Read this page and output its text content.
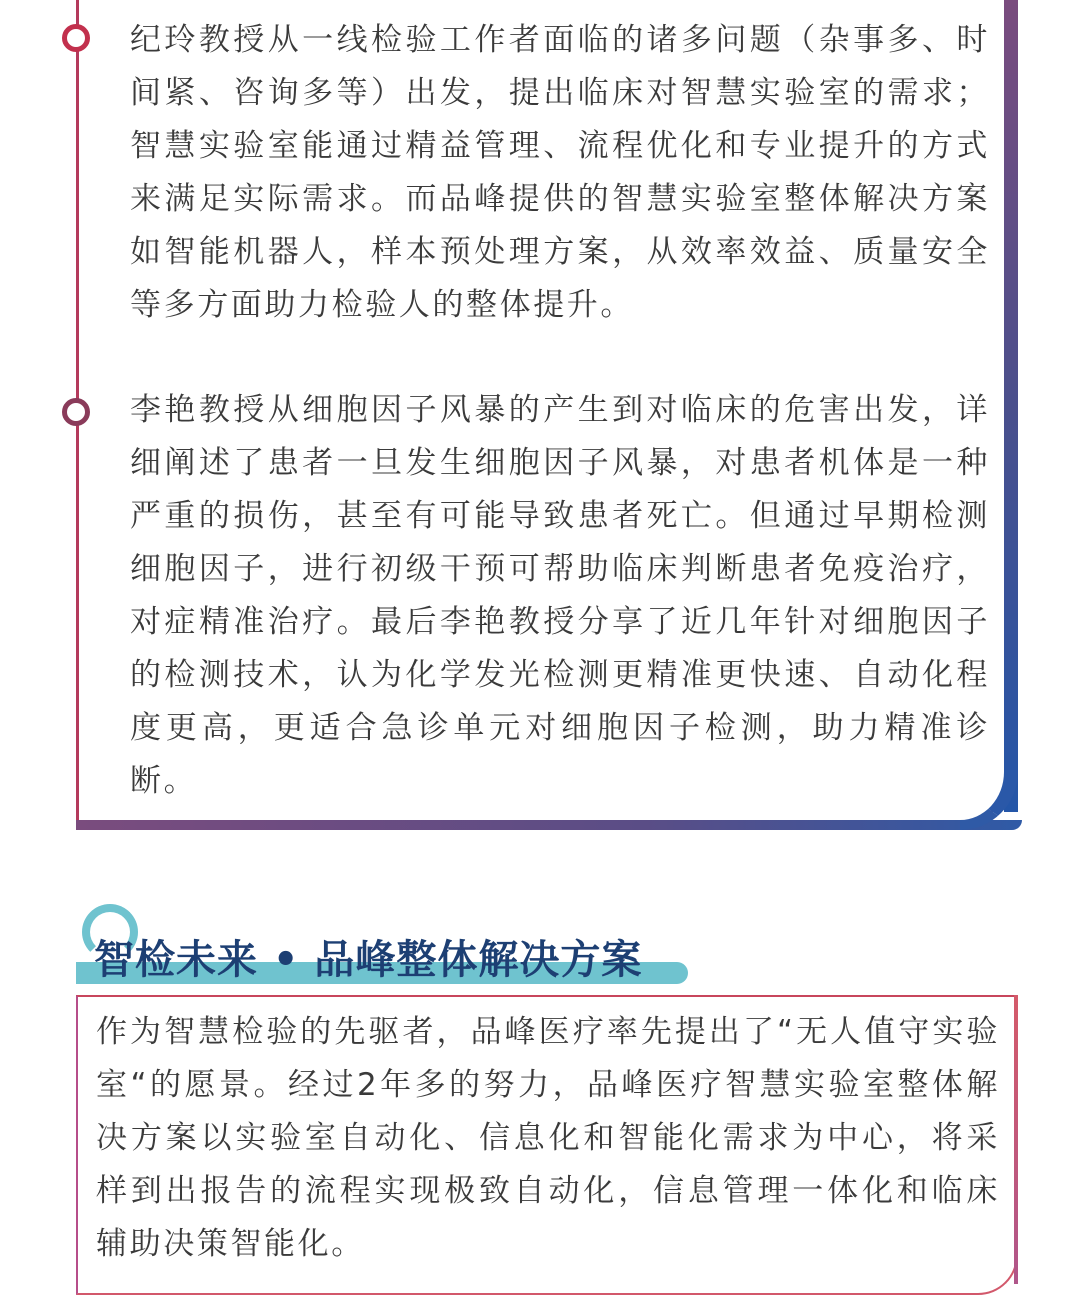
纪玲教授从一线检验工作者面临的诸多问题（杂事多、时间紧、咨询多等）出发，提出临床对智慧实验室的需求；智慧实验室能通过精益管理、流程优化和专业提升的方式来满足实际需求。而品峰提供的智慧实验室整体解决方案如智能机器人，样本预处理方案，从效率效益、质量安全等多方面助力检验人的整体提升。

李艳教授从细胞因子风暴的产生到对临床的危害出发，详细阐述了患者一旦发生细胞因子风暴，对患者机体是一种严重的损伤，甚至有可能导致患者死亡。但通过早期检测细胞因子，进行初级干预可帮助临床判断患者免疫治疗，对症精准治疗。最后李艳教授分享了近几年针对细胞因子的检测技术，认为化学发光检测更精准更快速、自动化程度更高，更适合急诊单元对细胞因子检测，助力精准诊断。

智检未来 • 品峰整体解决方案

作为智慧检验的先驱者，品峰医疗率先提出了“无人值守实验室“的愿景。经过2年多的努力，品峰医疗智慧实验室整体解决方案以实验室自动化、信息化和智能化需求为中心，将采样到出报告的流程实现极致自动化，信息管理一体化和临床辅助决策智能化。
